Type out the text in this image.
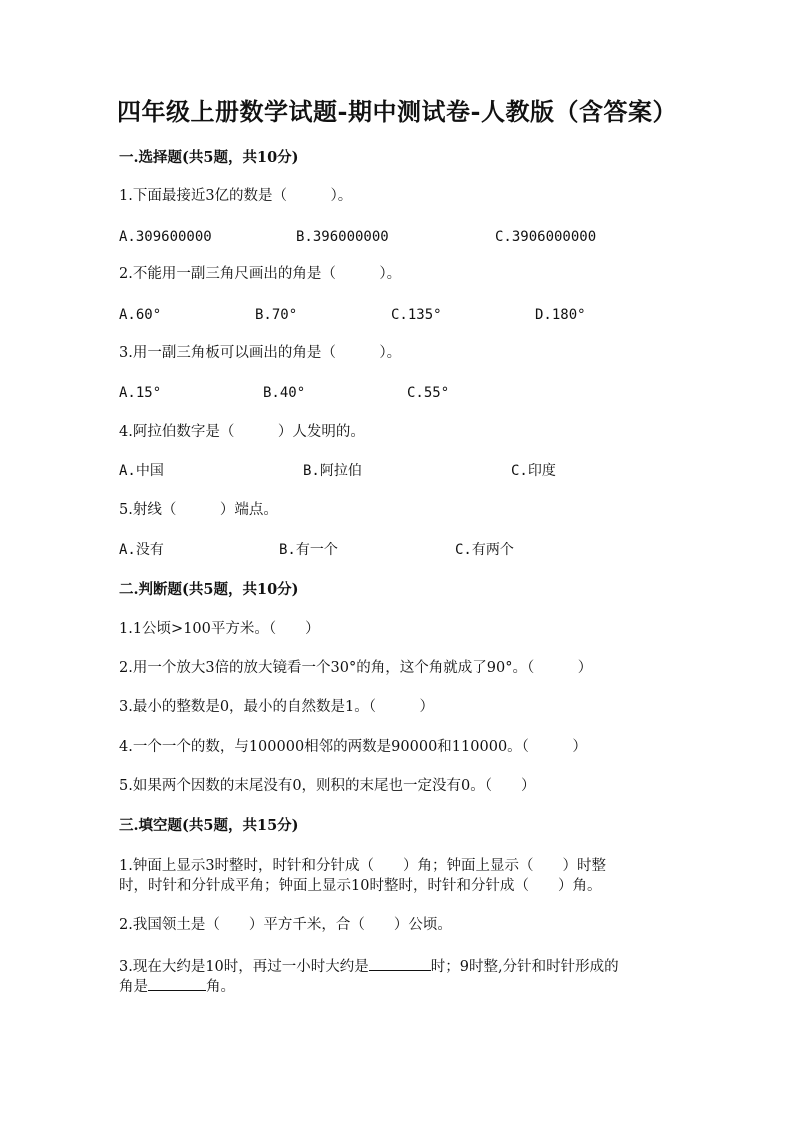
四年级上册数学试题-期中测试卷-人教版（含答案）
一.选择题(共5题，共10分)
1.下面最接近3亿的数是（　　　）。
A.309600000	B.396000000	C.3906000000
2.不能用一副三角尺画出的角是（　　　）。
A.60°	B.70°	C.135°	D.180°
3.用一副三角板可以画出的角是（　　　）。
A.15°	B.40°	C.55°
4.阿拉伯数字是（　　　）人发明的。
A.中国	B.阿拉伯	C.印度
5.射线（　　　）端点。
A.没有	B.有一个	C.有两个
二.判断题(共5题，共10分)
1.1公顷>100平方米。（　　）
2.用一个放大3倍的放大镜看一个30°的角，这个角就成了90°。（　　　）
3.最小的整数是0，最小的自然数是1。（　　　）
4.一个一个的数，与100000相邻的两数是90000和110000。（　　　）
5.如果两个因数的末尾没有0，则积的末尾也一定没有0。（　　）
三.填空题(共5题，共15分)
1.钟面上显示3时整时，时针和分针成（　　）角；钟面上显示（　　）时整
时，时针和分针成平角；钟面上显示10时整时，时针和分针成（　　）角。
2.我国领土是（　　）平方千米，合（　　）公顷。
3.现在大约是10时，再过一小时大约是	时；9时整,分针和时针形成的
角是	角。
